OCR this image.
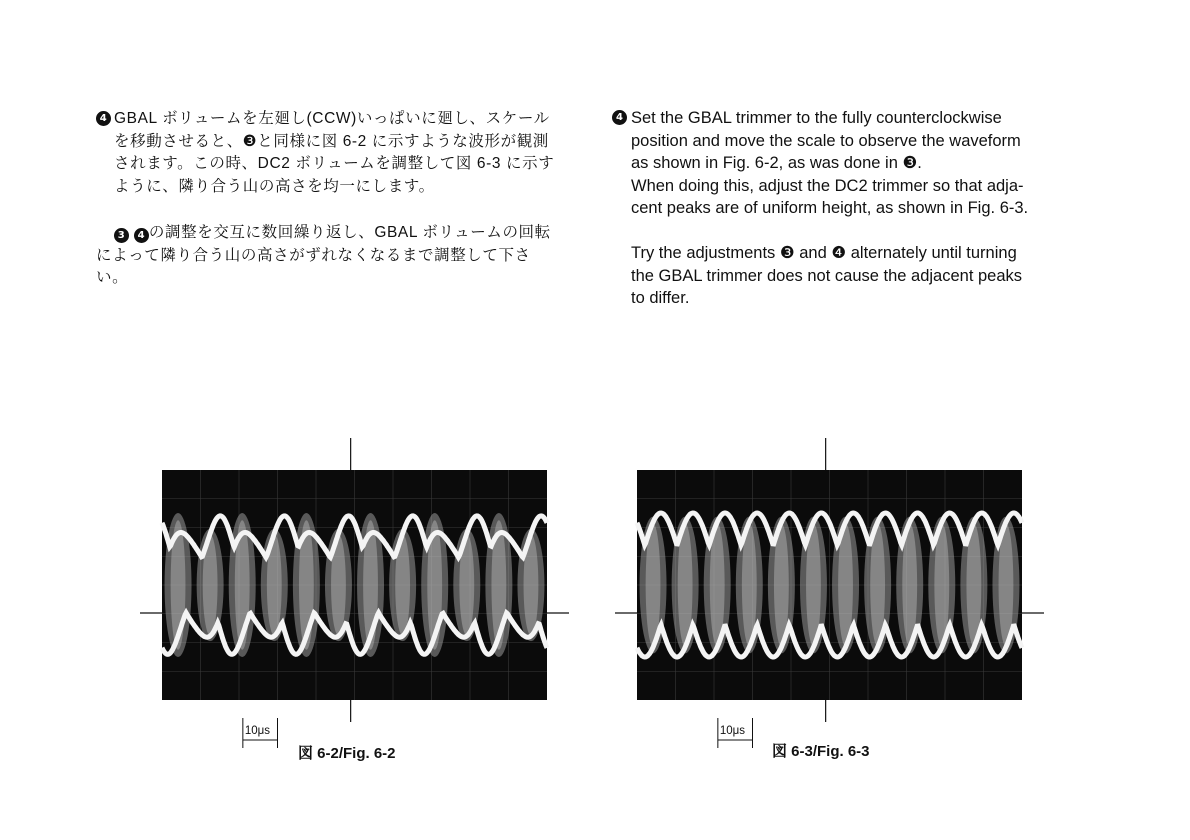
4 GBAL ボリュームを左廻し(CCW)いっぱいに廻し、スケール
を移動させると、❸と同様に図 6-2 に示すような波形が観測
されます。この時、DC2 ボリュームを調整して図 6-3 に示す
ように、隣り合う山の高さを均一にします。

3 4 の調整を交互に数回繰り返し、GBAL ボリュームの回転
によって隣り合う山の高さがずれなくなるまで調整して下さ
い。

4 Set the GBAL trimmer to the fully counterclockwise
position and move the scale to observe the waveform
as shown in Fig. 6-2, as was done in ❸.
When doing this, adjust the DC2 trimmer so that adja-
cent peaks are of uniform height, as shown in Fig. 6-3.

Try the adjustments ❸ and ❹ alternately until turning
the GBAL trimmer does not cause the adjacent peaks
to differ.

10μs
図 6-2/Fig. 6-2
10μs
図 6-3/Fig. 6-3
